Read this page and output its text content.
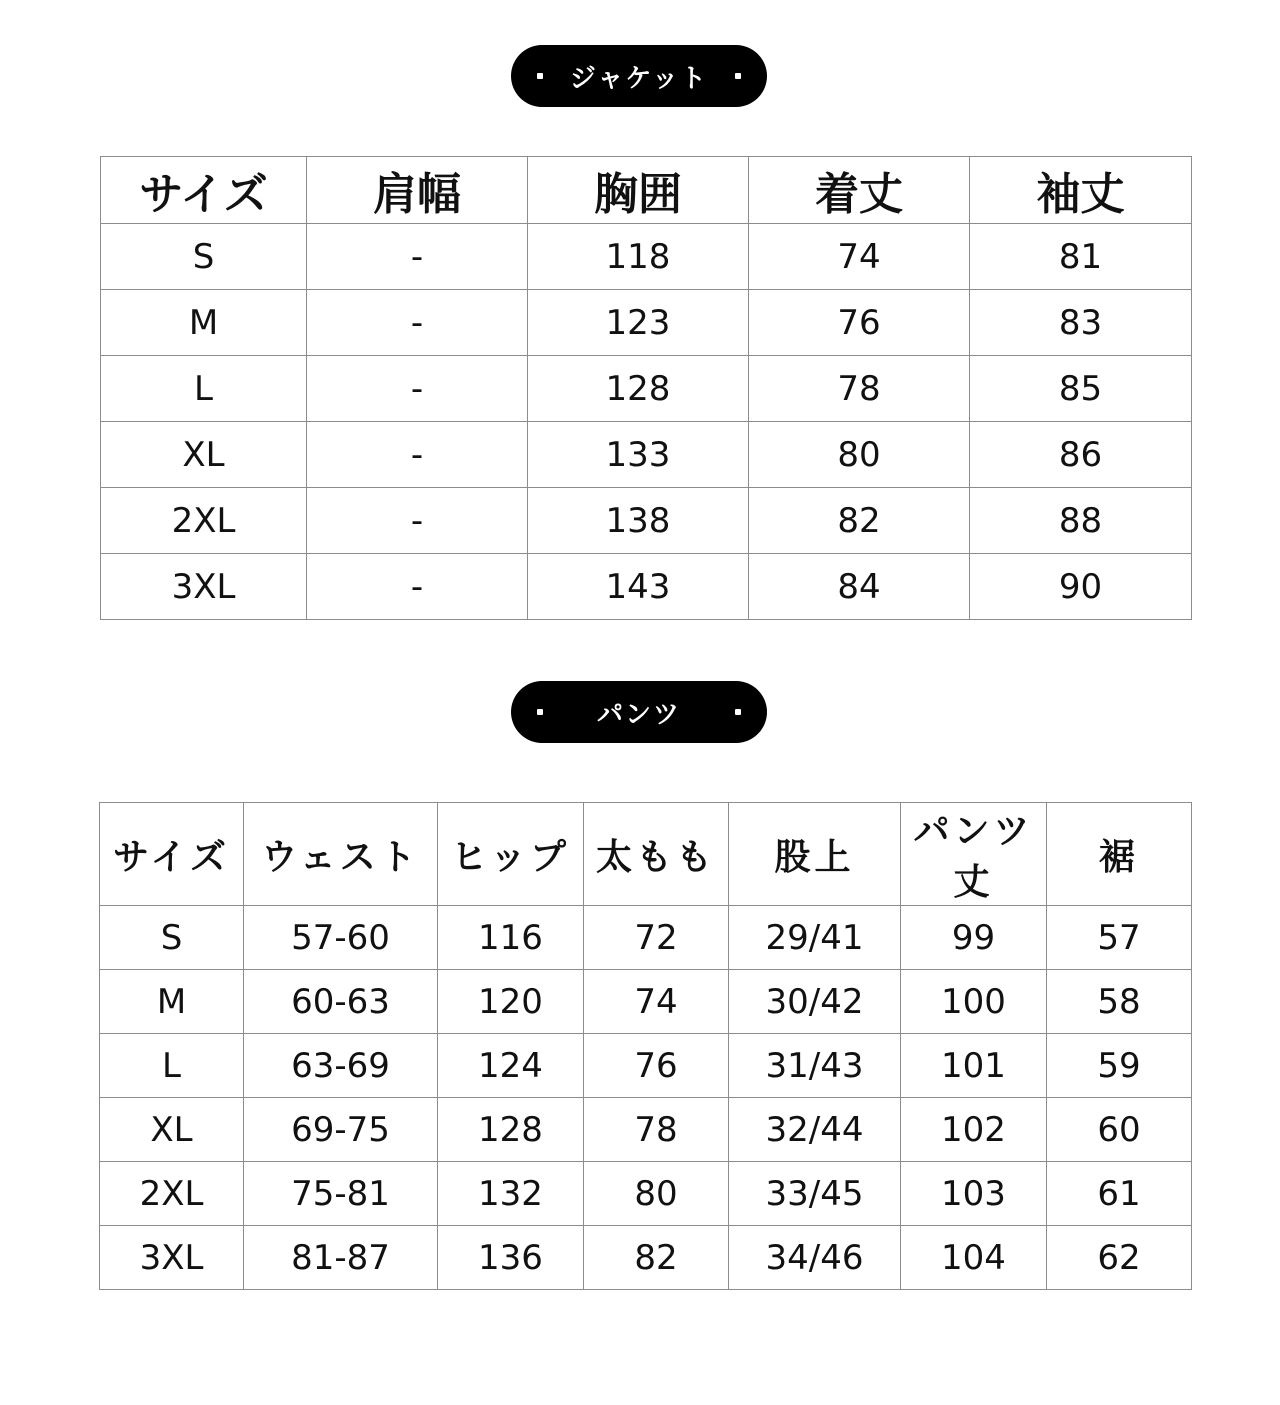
ジャケット
サイズ	肩幅	胸囲	着丈	袖丈
S	-	118	74	81
M	-	123	76	83
L	-	128	78	85
XL	-	133	80	86
2XL	-	138	82	88
3XL	-	143	84	90
パンツ
サイズ	ウェスト	ヒップ	太もも	股上	パンツ丈	裾
S	57-60	116	72	29/41	99	57
M	60-63	120	74	30/42	100	58
L	63-69	124	76	31/43	101	59
XL	69-75	128	78	32/44	102	60
2XL	75-81	132	80	33/45	103	61
3XL	81-87	136	82	34/46	104	62
